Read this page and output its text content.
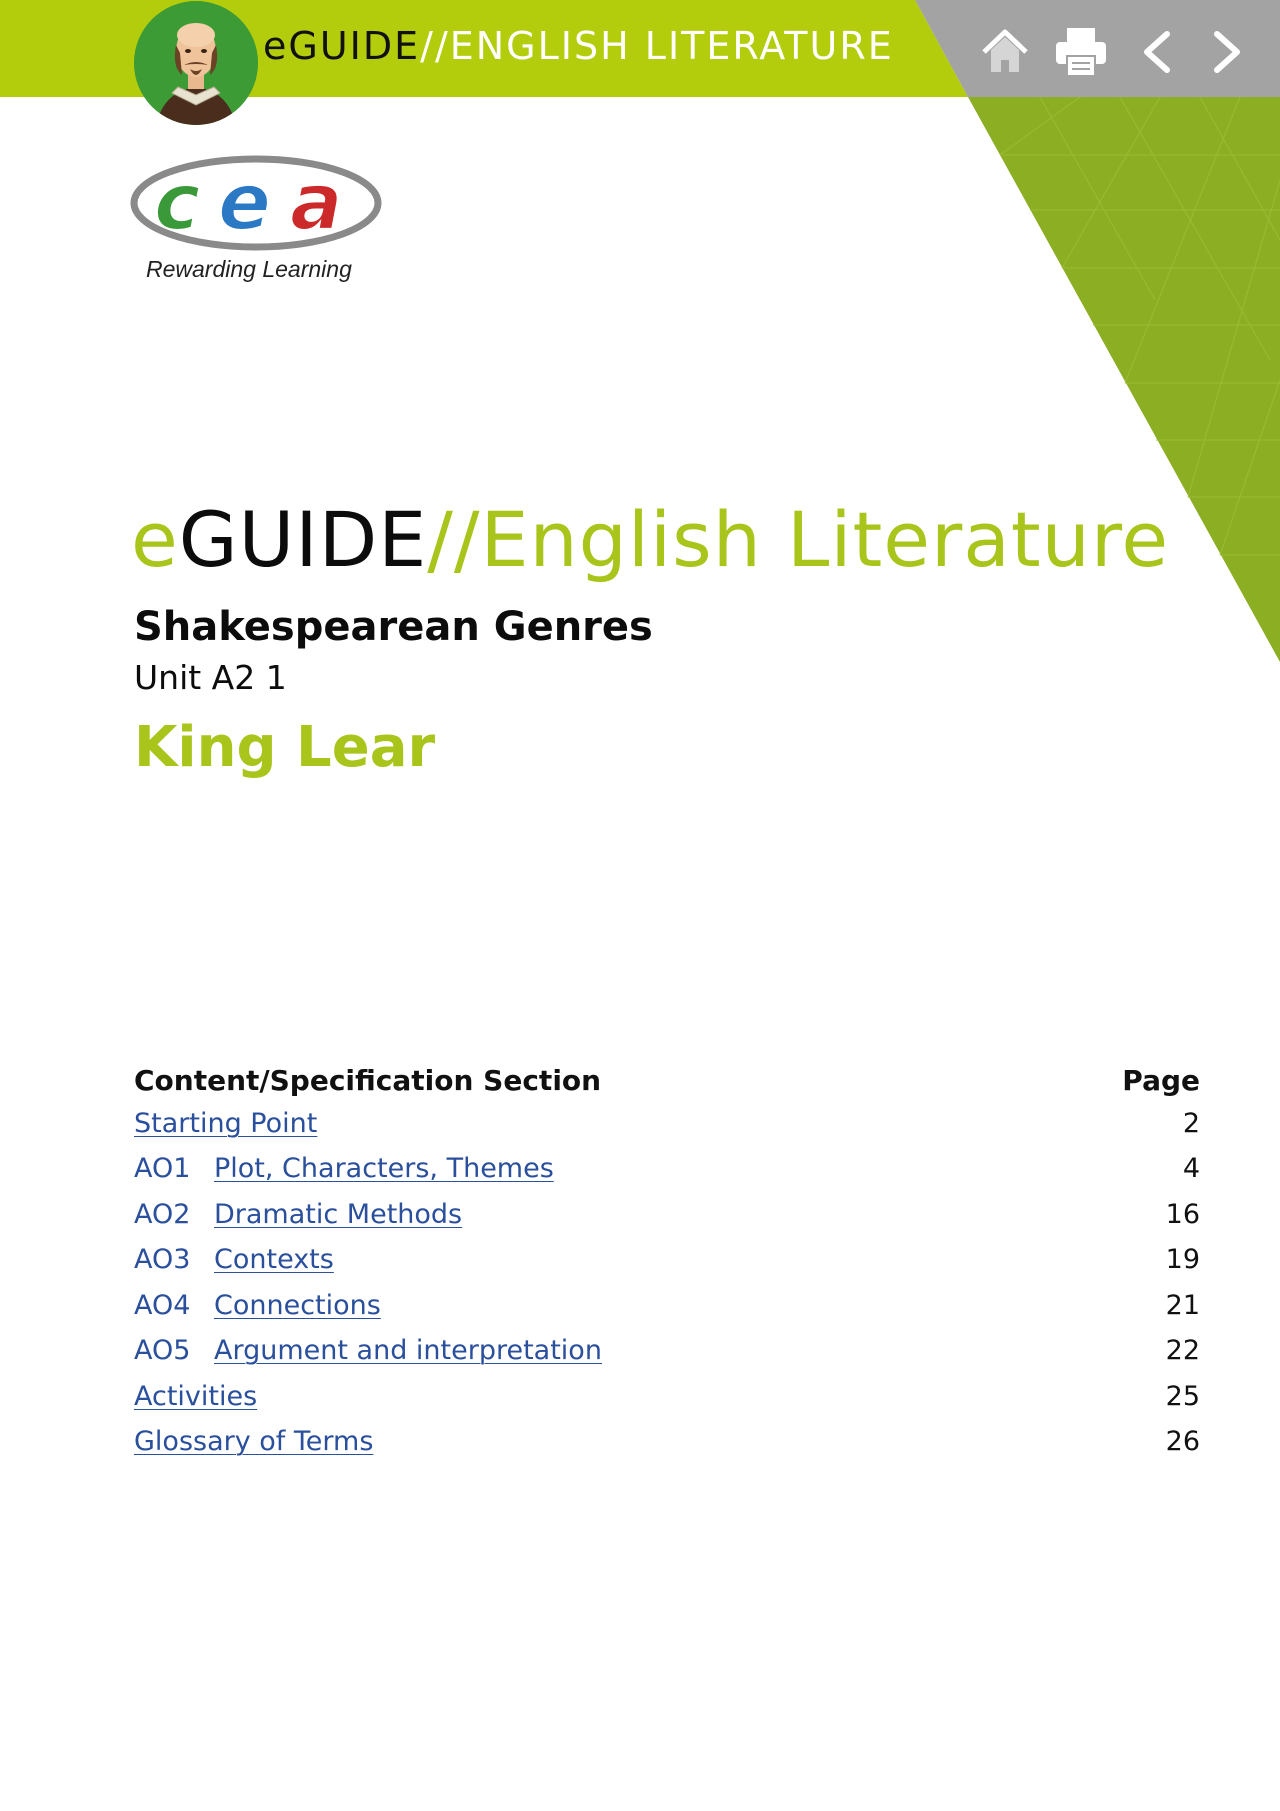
eGUIDE//ENGLISH LITERATURE
c e a
Rewarding Learning
eGUIDE//English Literature
Shakespearean Genres
Unit A2 1
King Lear
Content/Specification Section	Page
Starting Point	2
AO1 Plot, Characters, Themes	4
AO2 Dramatic Methods	16
AO3 Contexts	19
AO4 Connections	21
AO5 Argument and interpretation	22
Activities	25
Glossary of Terms	26
